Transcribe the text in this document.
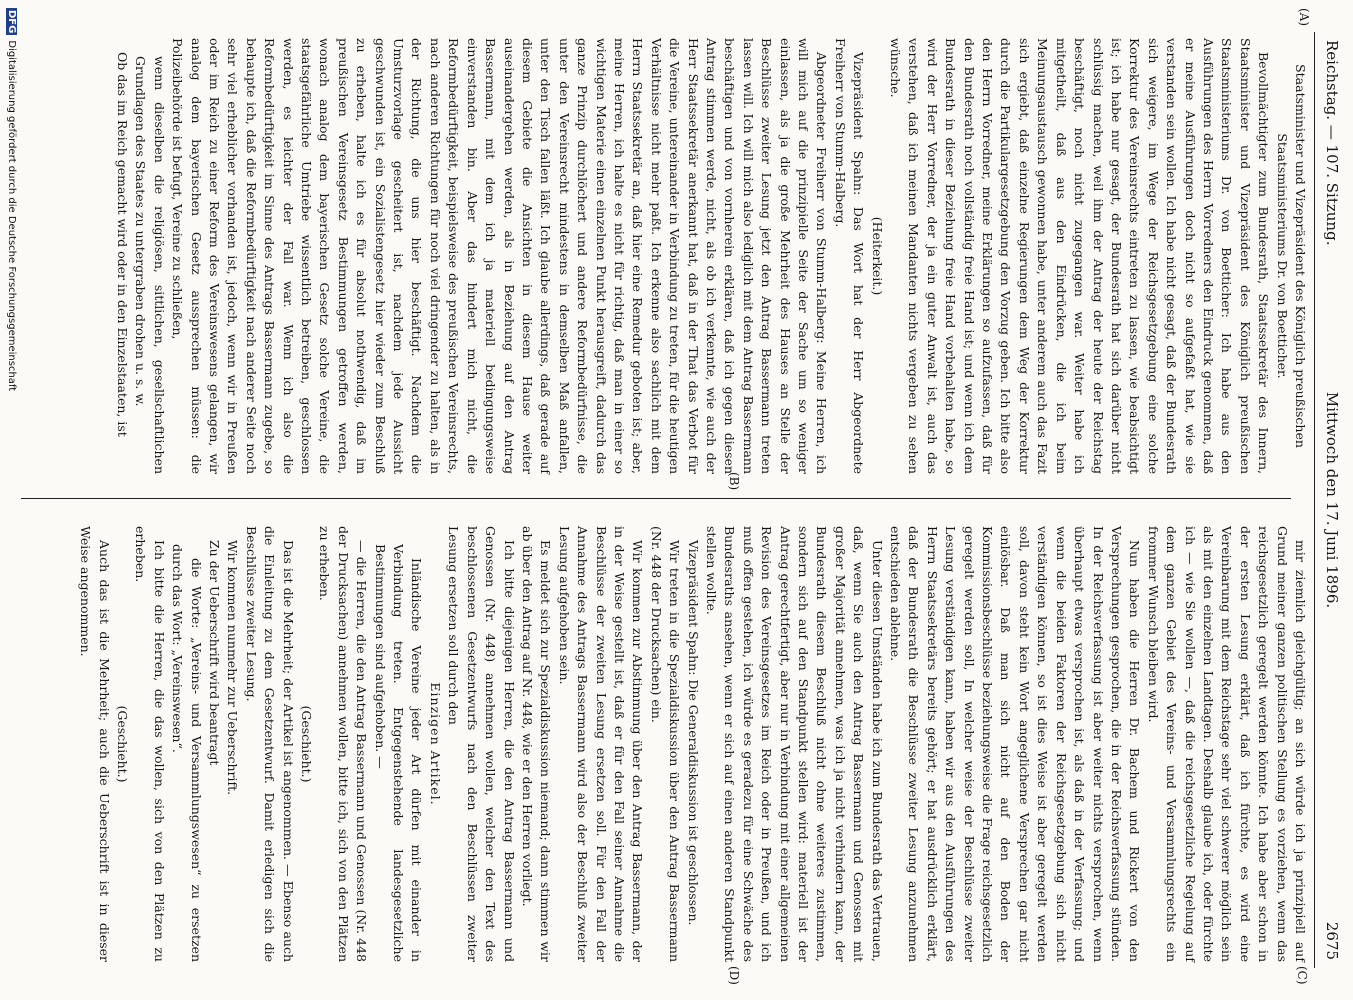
Reichstag. — 107. Sitzung.
Mittwoch den 17. Juni 1896.
2675
(A)
(B)
(C)
(D)

Staatsminister und Vizepräsident des Königlich preußischen Staatsministeriums Dr. von Boetticher.

Bevollmächtigter zum Bundesrath, Staatssekretär des Innern, Staatsminister und Vizepräsident des Königlich preußischen Staatsministeriums Dr. von Boetticher: Ich habe aus den Ausführungen des Herrn Vorredners den Eindruck genommen, daß er meine Ausführungen doch nicht so aufgefaßt hat, wie sie verstanden sein wollen. Ich habe nicht gesagt, daß der Bundesrath sich weigere, im Wege der Reichsgesetzgebung eine solche Korrektur des Vereinsrechts eintreten zu lassen, wie beabsichtigt ist; ich habe nur gesagt, der Bundesrath hat sich darüber nicht schlüssig machen, weil ihm der Antrag der heute der Reichstag beschäftigt, noch nicht zugegangen war. Weiter habe ich mitgetheilt, daß aus den Eindrücken, die ich beim Meinungsaustausch gewonnen habe, unter anderem auch das Fazit sich ergiebt, daß einzelne Regierungen dem Weg der Korrektur durch die Partikulargesetzgebung den Vorzug geben. Ich bitte also den Herrn Vorredner, meine Erklärungen so aufzufassen, daß für den Bundesrath noch vollständig freie Hand ist; und wenn ich dem Bundesrath in dieser Beziehung freie Hand vorbehalten habe, so wird der Herr Vorredner, der ja ein guter Anwalt ist, auch das verstehen, daß ich meinen Mandanten nichts vergeben zu sehen wünsche.

(Heiterkeit.)

Vizepräsident Spahn: Das Wort hat der Herr Abgeordnete Freiherr von Stumm-Halberg.

Abgeordneter Freiherr von Stumm-Halberg: Meine Herren, ich will mich auf die prinzipielle Seite der Sache um so weniger einlassen, als ja die große Mehrheit des Hauses an Stelle der Beschlüsse zweiter Lesung jetzt den Antrag Bassermann treten lassen will. Ich will mich also lediglich mit dem Antrag Bassermann beschäftigen und von vornherein erklären, daß ich gegen diesen Antrag stimmen werde, nicht, als ob ich verkennte, wie auch der Herr Staatssekretär anerkannt hat, daß in der That das Verbot für die Vereine, untereinander in Verbindung zu treten, für die heutigen Verhältnisse nicht mehr paßt. Ich erkenne also sachlich mit dem Herrn Staatssekretär an, daß hier eine Remedur geboten ist; aber, meine Herren, ich halte es nicht für richtig, daß man in einer so wichtigen Materie einen einzelnen Punkt herausgreift, dadurch das ganze Prinzip durchlöchert und andere Reformbedürfnisse, die unter den Vereinsrecht mindestens in demselben Maß anfallen, unter den Tisch fallen läßt. Ich glaube allerdings, daß gerade auf diesem Gebiete die Ansichten in diesem Hause weiter auseinandergehen werden, als in Beziehung auf den Antrag Bassermann, mit dem ich ja materiell bedingungsweise einverstanden bin. Aber das hindert mich nicht, die Reformbedürftigkeit, beispielsweise des preußischen Vereinsrechts, nach anderen Richtungen für noch viel dringender zu halten, als in der Richtung, die uns hier beschäftigt. Nachdem die Umsturzvorlage gescheitert ist, nachdem jede Aussicht geschwunden ist, ein Sozialistengesetz hier wieder zum Beschluß zu erheben, halte ich es für absolut nothwendig, daß im preußischen Vereinsgesetz Bestimmungen getroffen werden, wonach analog dem bayerischen Gesetz solche Vereine, die staatsgefährliche Umtriebe wissentlich betreiben, geschlossen werden, es leichter der Fall war. Wenn ich also die Reformbedürftigkeit im Sinne des Antrags Bassermann zugebe, so behaupte ich, daß die Reformbedürftigkeit nach anderer Seite noch sehr viel erheblicher vorhanden ist, jedoch, wenn wir in Preußen oder im Reich zu einer Reform des Vereinswesens gelangen, wir analog dem bayerischen Gesetz aussprechen müssen: die Polizeibehörde ist befugt, Vereine zu schließen,

wenn dieselben die religiösen, sittlichen, gesellschaftlichen Grundlagen des Staates zu untergraben drohen u. s. w.

Ob das im Reich gemacht wird oder in den Einzelstaaten, ist

mir ziemlich gleichgültig; an sich würde ich ja prinzipiell auf Grund meiner ganzen politischen Stellung es vorziehen, wenn das reichsgesetzlich geregelt werden könnte. Ich habe aber schon in der ersten Lesung erklärt, daß ich fürchte, es wird eine Vereinbarung mit dem Reichstage sehr viel schwerer möglich sein als mit den einzelnen Landtagen. Deshalb glaube ich, oder fürchte ich — wie Sie wollen —, daß die reichsgesetzliche Regelung auf dem ganzen Gebiet des Vereins- und Versammlungsrechts ein frommer Wunsch bleiben wird.

Nun haben die Herren Dr. Bachem und Rickert von den Versprechungen gesprochen, die in der Reichsverfassung stünden. In der Reichsverfassung ist aber weiter nichts versprochen, wenn überhaupt etwas versprochen ist, als daß in der Verfassung; und wenn die beiden Faktoren der Reichsgesetzgebung sich nicht verständigen können, so ist dies Weise ist aber geregelt werden soll, davon steht kein Wort angeglichene Versprechen gar nicht einlösbar. Daß man sich nicht auf den Boden der Kommissionsbeschlüsse beziehungsweise die Frage reichsgesetzlich geregelt werden soll, In welcher weise der Beschlüsse zweiter Lesung verständigen kann, haben wir aus den Ausführungen des Herrn Staatssekretärs bereits gehört; er hat ausdrücklich erklärt, daß der Bundesrath die Beschlüsse zweiter Lesung anzunehmen entschieden ablehne.

Unter diesen Umständen habe ich zum Bundesrath das Vertrauen, daß, wenn Sie auch den Antrag Bassermann und Genossen mit großer Majorität annehmen, was ich ja nicht verhindern kann, der Bundesrath diesem Beschluß nicht ohne weiteres zustimmen, sondern sich auf den Standpunkt stellen wird: materiell ist der Antrag gerechtfertigt, aber nur in Verbindung mit einer allgemeinen Revision des Vereinsgesetzes im Reich oder in Preußen, und ich muß offen gestehen, ich würde es geradezu für eine Schwäche des Bundesraths ansehen, wenn er sich auf einen anderen Standpunkt stellen wollte.

Vizepräsident Spahn: Die Generaldiskussion ist geschlossen.

Wir treten in die Spezialdiskussion über den Antrag Bassermann (Nr. 448 der Drucksachen) ein.

Wir kommen zur Abstimmung über den Antrag Bassermann, der in der Weise gestellt ist, daß er für den Fall seiner Annahme die Beschlüsse der zweiten Lesung ersetzen soll. Für den Fall der Annahme des Antrags Bassermann wird also der Beschluß zweiter Lesung aufgehoben sein.

Es meldet sich zur Spezialdiskussion niemand; dann stimmen wir ab über den Antrag auf Nr. 448, wie er den Herren vorliegt.

Ich bitte diejenigen Herren, die den Antrag Bassermann und Genossen (Nr. 448) annehmen wollen, welcher den Text des beschlossenen Gesetzentwurfs nach den Beschlüssen zweiter Lesung ersetzen soll durch den

Einzigen Artikel.

Inländische Vereine jeder Art dürfen mit einander in Verbindung treten. Entgegenstehende landesgesetzliche Bestimmungen sind aufgehoben. —

— die Herren, die den Antrag Bassermann und Genossen (Nr. 448 der Drucksachen) annehmen wollen, bitte ich, sich von den Plätzen zu erheben.

(Geschieht.)

Das ist die Mehrheit; der Artikel ist angenommen. — Ebenso auch die Einleitung zu dem Gesetzentwurf. Damit erledigen sich die Beschlüsse zweiter Lesung.

Wir kommen nunmehr zur Ueberschrift.

Zu der Ueberschrift wird beantragt

die Worte: „Vereins- und Versammlungswesen“ zu ersetzen durch das Wort: „Vereinswesen“.

Ich bitte die Herren, die das wollen, sich von den Plätzen zu erheben.

(Geschieht.)

Auch das ist die Mehrheit; auch die Ueberschrift ist in dieser Weise angenommen.

DFGDigitalisierung gefördert durch die Deutsche Forschungsgemeinschaft
